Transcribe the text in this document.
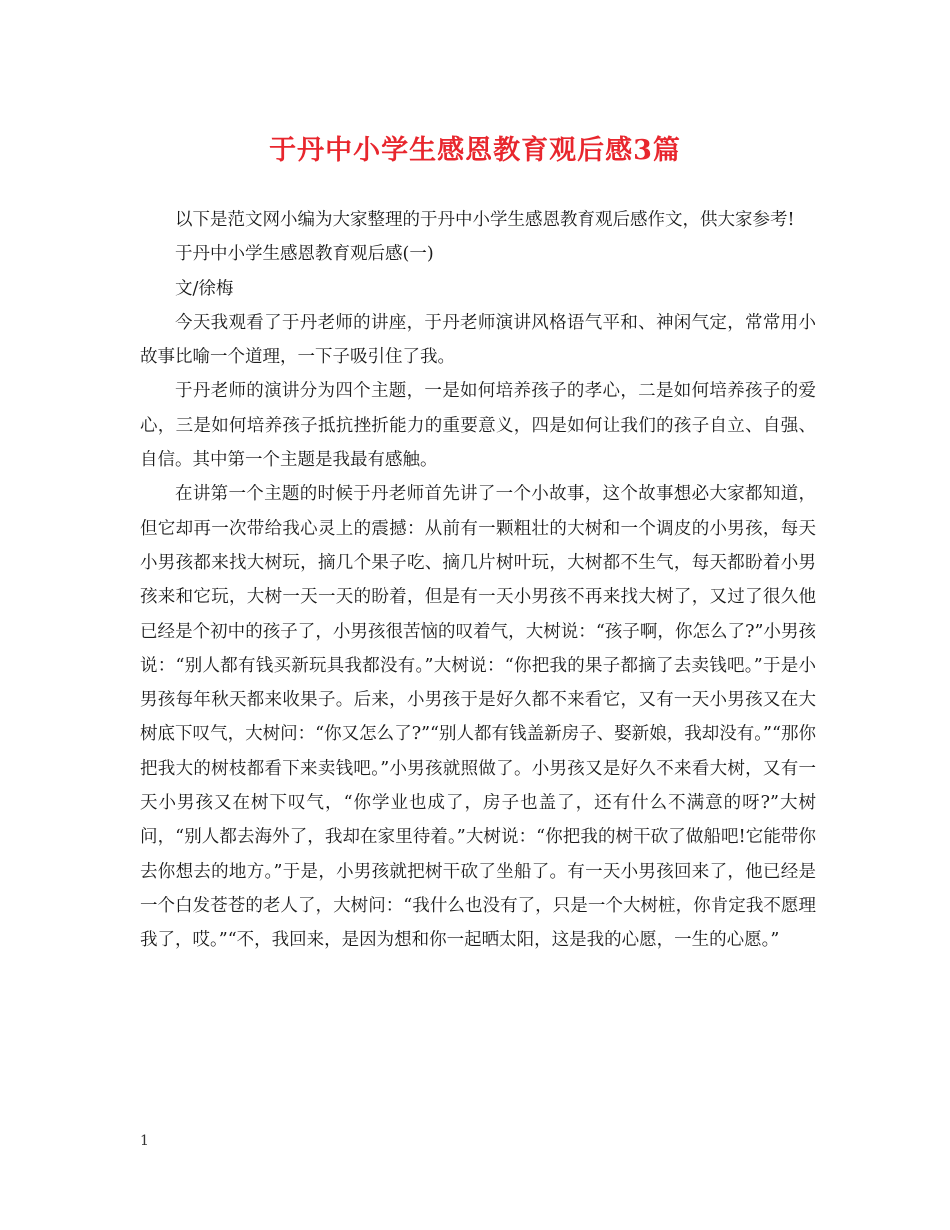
于丹中小学生感恩教育观后感3篇

以下是范文网小编为大家整理的于丹中小学生感恩教育观后感作文，供大家参考!

于丹中小学生感恩教育观后感(一)

文/徐梅

今天我观看了于丹老师的讲座，于丹老师演讲风格语气平和、神闲气定，常常用小故事比喻一个道理，一下子吸引住了我。

于丹老师的演讲分为四个主题，一是如何培养孩子的孝心，二是如何培养孩子的爱心，三是如何培养孩子抵抗挫折能力的重要意义，四是如何让我们的孩子自立、自强、自信。其中第一个主题是我最有感触。

在讲第一个主题的时候于丹老师首先讲了一个小故事，这个故事想必大家都知道，但它却再一次带给我心灵上的震撼：从前有一颗粗壮的大树和一个调皮的小男孩，每天小男孩都来找大树玩，摘几个果子吃、摘几片树叶玩，大树都不生气，每天都盼着小男孩来和它玩，大树一天一天的盼着，但是有一天小男孩不再来找大树了，又过了很久他已经是个初中的孩子了，小男孩很苦恼的叹着气，大树说：“孩子啊，你怎么了?”小男孩说：“别人都有钱买新玩具我都没有。”大树说：“你把我的果子都摘了去卖钱吧。”于是小男孩每年秋天都来收果子。后来，小男孩于是好久都不来看它，又有一天小男孩又在大树底下叹气，大树问：“你又怎么了?”“别人都有钱盖新房子、娶新娘，我却没有。”“那你把我大的树枝都看下来卖钱吧。”小男孩就照做了。小男孩又是好久不来看大树，又有一天小男孩又在树下叹气，“你学业也成了，房子也盖了，还有什么不满意的呀?”大树问，“别人都去海外了，我却在家里待着。”大树说：“你把我的树干砍了做船吧!它能带你去你想去的地方。”于是，小男孩就把树干砍了坐船了。有一天小男孩回来了，他已经是一个白发苍苍的老人了，大树问：“我什么也没有了，只是一个大树桩，你肯定我不愿理我了，哎。”“不，我回来，是因为想和你一起晒太阳，这是我的心愿，一生的心愿。”

1
